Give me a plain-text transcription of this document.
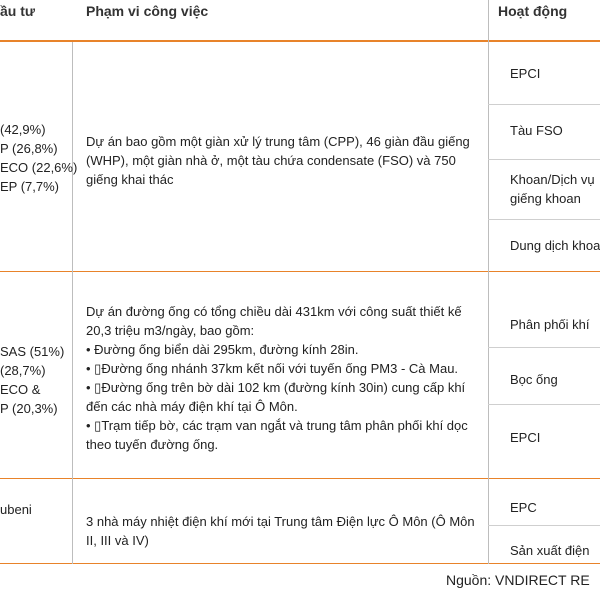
ầu tư	Phạm vi công việc	Hoạt động
(42,9%)
P (26,8%)
ECO (22,6%)
EP (7,7%)
Dự án bao gồm một giàn xử lý trung tâm (CPP), 46 giàn đầu giếng (WHP), một giàn nhà ở, một tàu chứa condensate (FSO) và 750 giếng khai thác
EPCI
Tàu FSO
Khoan/Dịch vụ
giếng khoan
Dung dịch khoa
SAS (51%)
(28,7%)
ECO &
P (20,3%)
Dự án đường ống có tổng chiều dài 431km với công suất thiết kế 20,3 triệu m3/ngày, bao gồm:
• Đường ống biển dài 295km, đường kính 28in.
• ▯Đường ống nhánh 37km kết nối với tuyến ống PM3 - Cà Mau.
• ▯Đường ống trên bờ dài 102 km (đường kính 30in) cung cấp khí đến các nhà máy điện khí tại Ô Môn.
• ▯Trạm tiếp bờ, các trạm van ngắt và trung tâm phân phối khí dọc theo tuyến đường ống.
Phân phối khí
Bọc ống
EPCI
ubeni
3 nhà máy nhiệt điện khí mới tại Trung tâm Điện lực Ô Môn (Ô Môn II, III và IV)
EPC
Sản xuất điện
Nguồn: VNDIRECT RE
